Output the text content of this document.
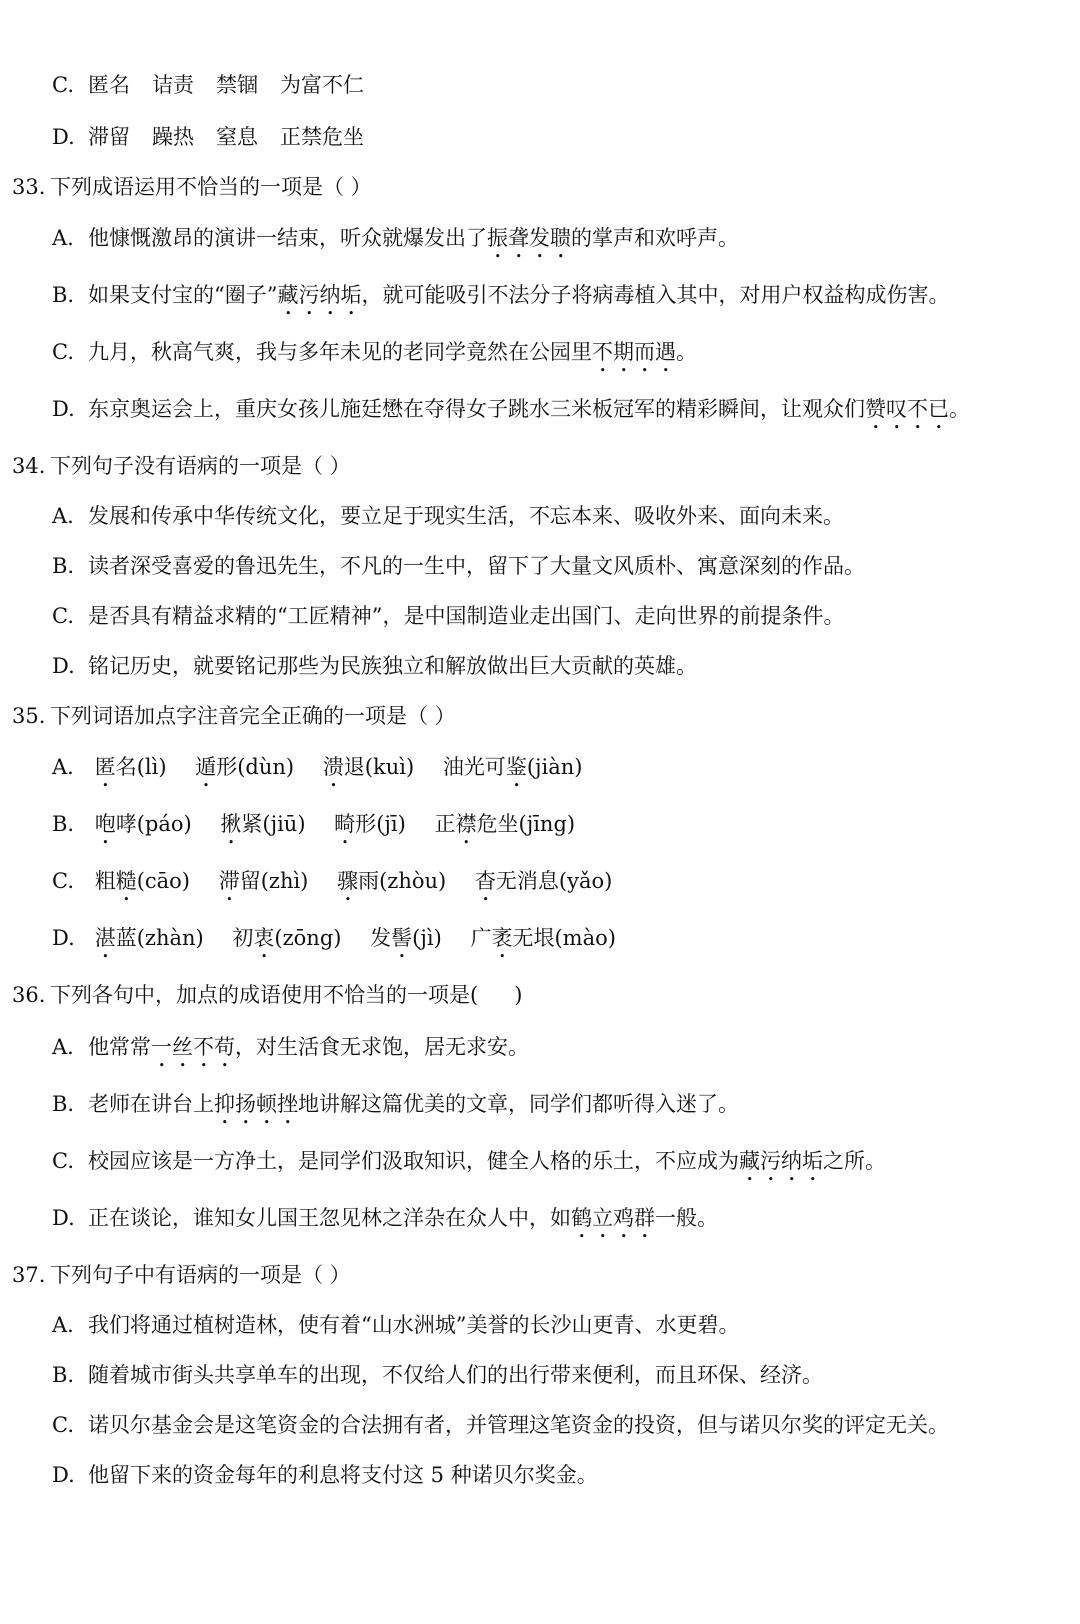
C. 匿名 诘责 禁锢 为富不仁
D. 滞留 躁热 窒息 正禁危坐
33. 下列成语运用不恰当的一项是（ ）
A. 他慷慨激昂的演讲一结束，听众就爆发出了振聋发聩的掌声和欢呼声。
B. 如果支付宝的“圈子”藏污纳垢，就可能吸引不法分子将病毒植入其中，对用户权益构成伤害。
C. 九月，秋高气爽，我与多年未见的老同学竟然在公园里不期而遇。
D. 东京奥运会上，重庆女孩儿施廷懋在夺得女子跳水三米板冠军的精彩瞬间，让观众们赞叹不已。
34. 下列句子没有语病的一项是（ ）
A. 发展和传承中华传统文化，要立足于现实生活，不忘本来、吸收外来、面向未来。
B. 读者深受喜爱的鲁迅先生，不凡的一生中，留下了大量文风质朴、寓意深刻的作品。
C. 是否具有精益求精的“工匠精神”，是中国制造业走出国门、走向世界的前提条件。
D. 铭记历史，就要铭记那些为民族独立和解放做出巨大贡献的英雄。
35. 下列词语加点字注音完全正确的一项是（ ）
A. 匿名(lì) 遁形(dùn) 溃退(kuì) 油光可鉴(jiàn)
B. 咆哮(páo) 揪紧(jiū) 畸形(jī) 正襟危坐(jīng)
C. 粗糙(cāo) 滞留(zhì) 骤雨(zhòu) 杳无消息(yǎo)
D. 湛蓝(zhàn) 初衷(zōng) 发髻(jì) 广袤无垠(mào)
36. 下列各句中，加点的成语使用不恰当的一项是( )
A. 他常常一丝不苟，对生活食无求饱，居无求安。
B. 老师在讲台上抑扬顿挫地讲解这篇优美的文章，同学们都听得入迷了。
C. 校园应该是一方净土，是同学们汲取知识，健全人格的乐土，不应成为藏污纳垢之所。
D. 正在谈论，谁知女儿国王忽见林之洋杂在众人中，如鹤立鸡群一般。
37. 下列句子中有语病的一项是（ ）
A. 我们将通过植树造林，使有着“山水洲城”美誉的长沙山更青、水更碧。
B. 随着城市街头共享单车的出现，不仅给人们的出行带来便利，而且环保、经济。
C. 诺贝尔基金会是这笔资金的合法拥有者，并管理这笔资金的投资，但与诺贝尔奖的评定无关。
D. 他留下来的资金每年的利息将支付这 5 种诺贝尔奖金。
